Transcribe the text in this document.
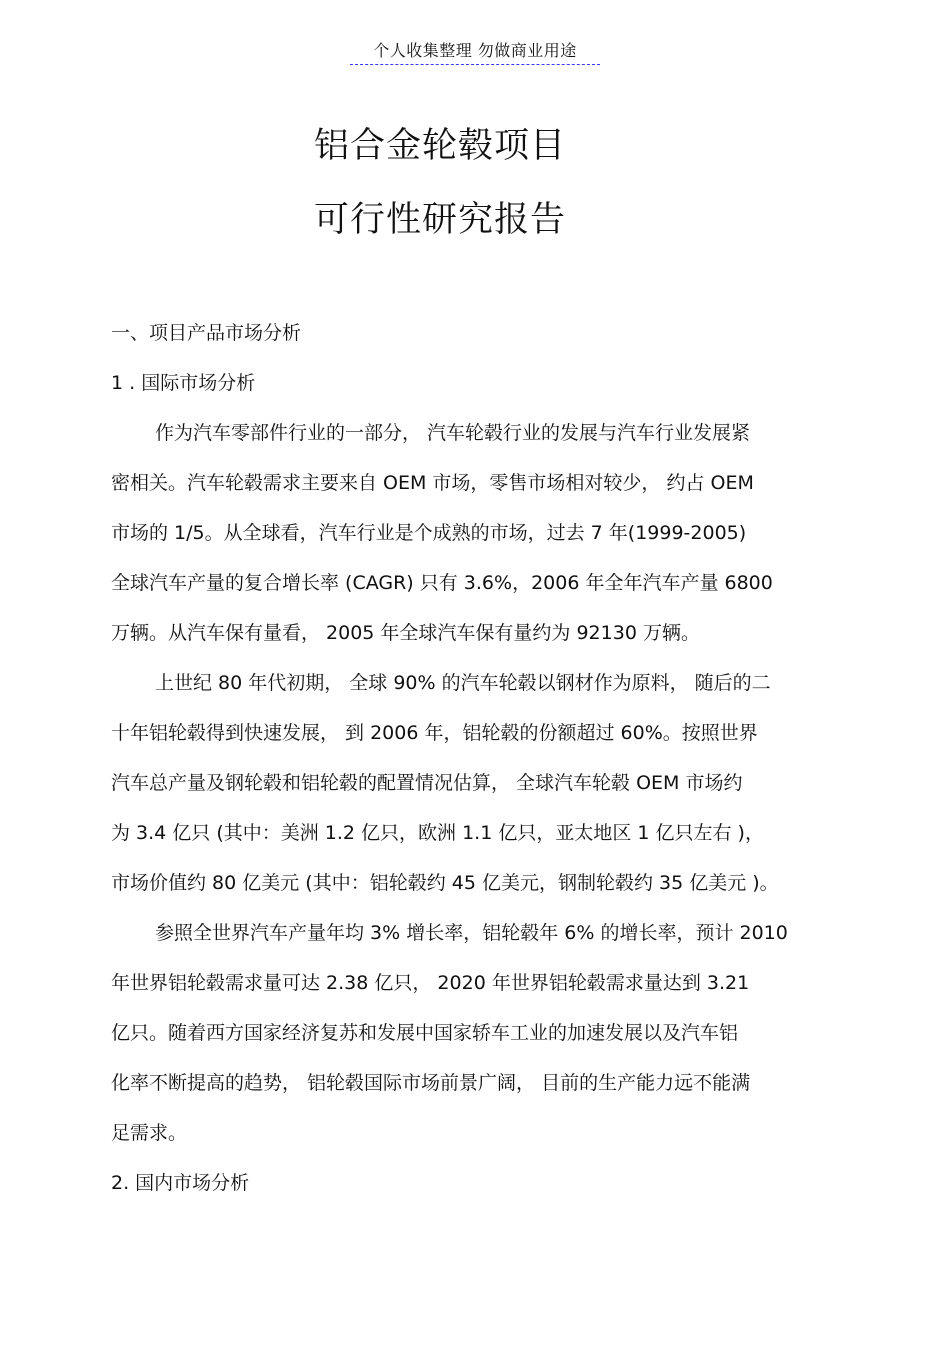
个人收集整理 勿做商业用途
铝合金轮毂项目
可行性研究报告
一、项目产品市场分析
1 . 国际市场分析
作为汽车零部件行业的一部分， 汽车轮毂行业的发展与汽车行业发展紧
密相关。汽车轮毂需求主要来自 OEM 市场，零售市场相对较少， 约占 OEM
市场的 1/5。从全球看，汽车行业是个成熟的市场，过去 7 年(1999-2005)
全球汽车产量的复合增长率 (CAGR) 只有 3.6%，2006 年全年汽车产量 6800
万辆。从汽车保有量看， 2005 年全球汽车保有量约为 92130 万辆。
上世纪 80 年代初期， 全球 90% 的汽车轮毂以钢材作为原料， 随后的二
十年铝轮毂得到快速发展， 到 2006 年，铝轮毂的份额超过 60%。按照世界
汽车总产量及钢轮毂和铝轮毂的配置情况估算， 全球汽车轮毂 OEM 市场约
为 3.4 亿只 (其中：美洲 1.2 亿只，欧洲 1.1 亿只，亚太地区 1 亿只左右 )，
市场价值约 80 亿美元 (其中：铝轮毂约 45 亿美元，钢制轮毂约 35 亿美元 )。
参照全世界汽车产量年均 3% 增长率，铝轮毂年 6% 的增长率，预计 2010
年世界铝轮毂需求量可达 2.38 亿只， 2020 年世界铝轮毂需求量达到 3.21
亿只。随着西方国家经济复苏和发展中国家轿车工业的加速发展以及汽车铝
化率不断提高的趋势， 铝轮毂国际市场前景广阔， 目前的生产能力远不能满
足需求。
2. 国内市场分析
